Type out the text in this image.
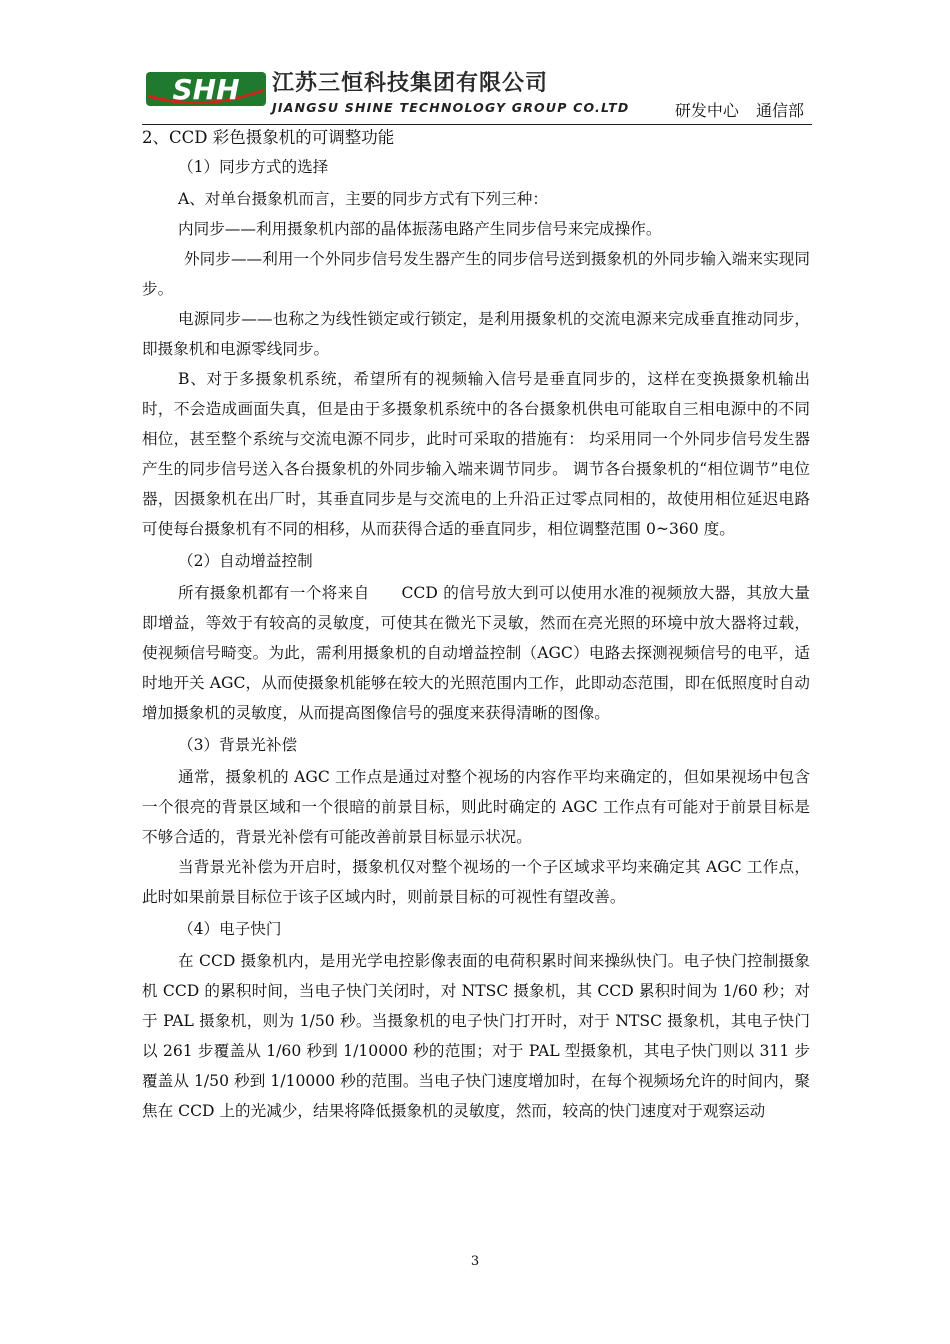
SHH 江苏三恒科技集团有限公司
JIANGSU SHINE TECHNOLOGY GROUP CO.LTD	研发中心 通信部

2、CCD 彩色摄象机的可调整功能

（1）同步方式的选择

A、对单台摄象机而言，主要的同步方式有下列三种：

内同步——利用摄象机内部的晶体振荡电路产生同步信号来完成操作。

外同步——利用一个外同步信号发生器产生的同步信号送到摄象机的外同步输入端来实现同步。

电源同步——也称之为线性锁定或行锁定，是利用摄象机的交流电源来完成垂直推动同步，即摄象机和电源零线同步。

B、对于多摄象机系统，希望所有的视频输入信号是垂直同步的，这样在变换摄象机输出时，不会造成画面失真，但是由于多摄象机系统中的各台摄象机供电可能取自三相电源中的不同相位，甚至整个系统与交流电源不同步，此时可采取的措施有： 均采用同一个外同步信号发生器产生的同步信号送入各台摄象机的外同步输入端来调节同步。 调节各台摄象机的“相位调节”电位器，因摄象机在出厂时，其垂直同步是与交流电的上升沿正过零点同相的，故使用相位延迟电路可使每台摄象机有不同的相移，从而获得合适的垂直同步，相位调整范围 0~360 度。

（2）自动增益控制

所有摄象机都有一个将来自　　CCD 的信号放大到可以使用水准的视频放大器，其放大量即增益，等效于有较高的灵敏度，可使其在微光下灵敏，然而在亮光照的环境中放大器将过载，使视频信号畸变。为此，需利用摄象机的自动增益控制（AGC）电路去探测视频信号的电平，适时地开关 AGC，从而使摄象机能够在较大的光照范围内工作，此即动态范围，即在低照度时自动增加摄象机的灵敏度，从而提高图像信号的强度来获得清晰的图像。

（3）背景光补偿

通常，摄象机的 AGC 工作点是通过对整个视场的内容作平均来确定的，但如果视场中包含一个很亮的背景区域和一个很暗的前景目标，则此时确定的 AGC 工作点有可能对于前景目标是不够合适的，背景光补偿有可能改善前景目标显示状况。

当背景光补偿为开启时，摄象机仅对整个视场的一个子区域求平均来确定其 AGC 工作点，此时如果前景目标位于该子区域内时，则前景目标的可视性有望改善。

（4）电子快门

在 CCD 摄象机内，是用光学电控影像表面的电荷积累时间来操纵快门。电子快门控制摄象机 CCD 的累积时间，当电子快门关闭时，对 NTSC 摄象机，其 CCD 累积时间为 1/60 秒；对于 PAL 摄象机，则为 1/50 秒。当摄象机的电子快门打开时，对于 NTSC 摄象机，其电子快门以 261 步覆盖从 1/60 秒到 1/10000 秒的范围；对于 PAL 型摄象机，其电子快门则以 311 步覆盖从 1/50 秒到 1/10000 秒的范围。当电子快门速度增加时，在每个视频场允许的时间内，聚焦在 CCD 上的光减少，结果将降低摄象机的灵敏度，然而，较高的快门速度对于观察运动

3
